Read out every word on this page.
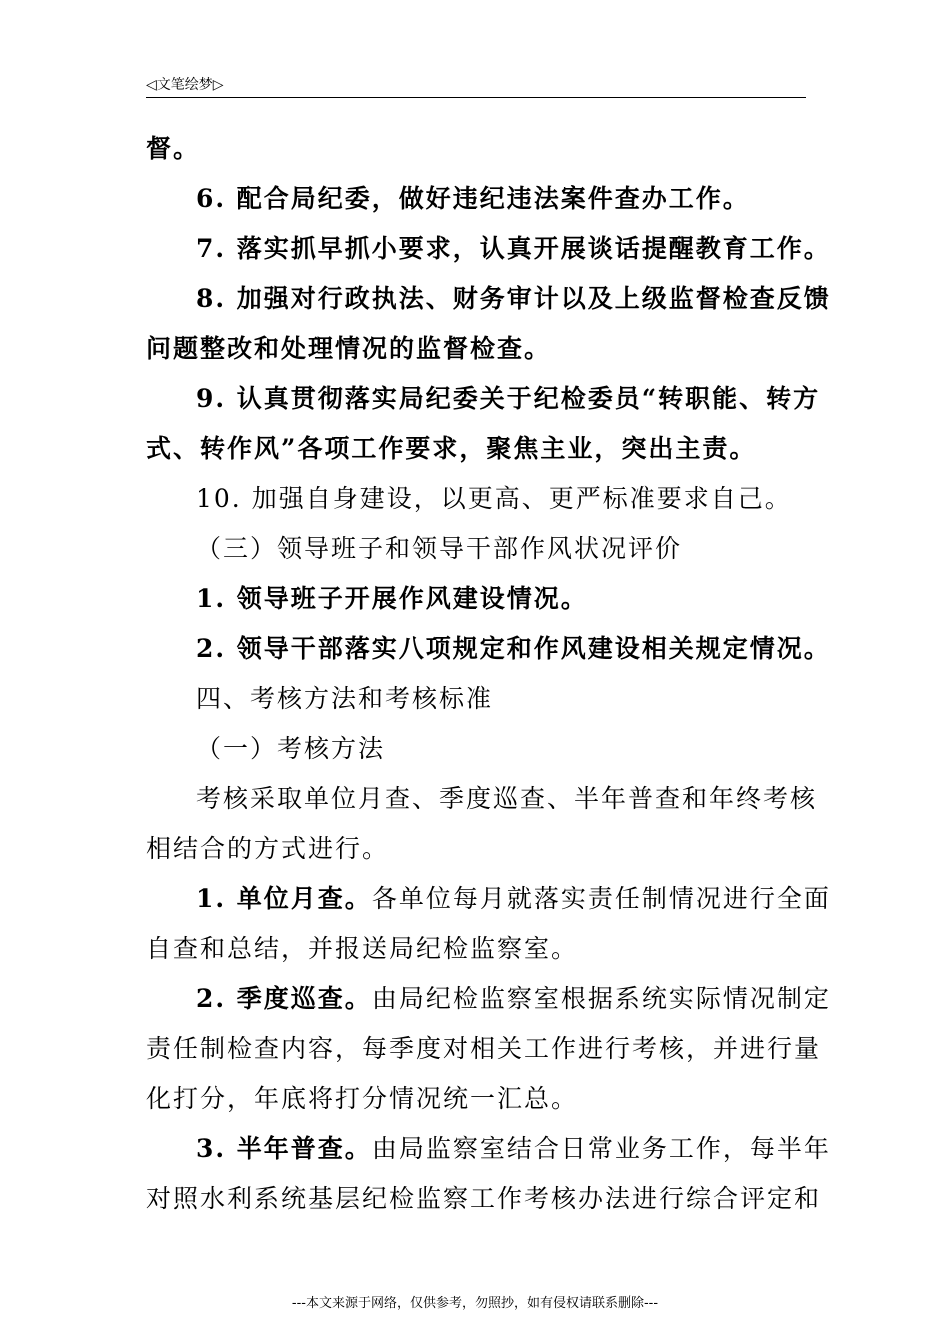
◁文笔绘梦▷
督。
6. 配合局纪委，做好违纪违法案件查办工作。
7. 落实抓早抓小要求，认真开展谈话提醒教育工作。
8. 加强对行政执法、财务审计以及上级监督检查反馈
问题整改和处理情况的监督检查。
9. 认真贯彻落实局纪委关于纪检委员“转职能、转方
式、转作风”各项工作要求，聚焦主业，突出主责。
10. 加强自身建设，以更高、更严标准要求自己。
（三）领导班子和领导干部作风状况评价
1. 领导班子开展作风建设情况。
2. 领导干部落实八项规定和作风建设相关规定情况。
四、考核方法和考核标准
（一）考核方法
考核采取单位月查、季度巡查、半年普查和年终考核
相结合的方式进行。
1. 单位月查。各单位每月就落实责任制情况进行全面
自查和总结，并报送局纪检监察室。
2. 季度巡查。由局纪检监察室根据系统实际情况制定
责任制检查内容，每季度对相关工作进行考核，并进行量
化打分，年底将打分情况统一汇总。
3. 半年普查。由局监察室结合日常业务工作，每半年
对照水利系统基层纪检监察工作考核办法进行综合评定和
---本文来源于网络，仅供参考，勿照抄，如有侵权请联系删除---
